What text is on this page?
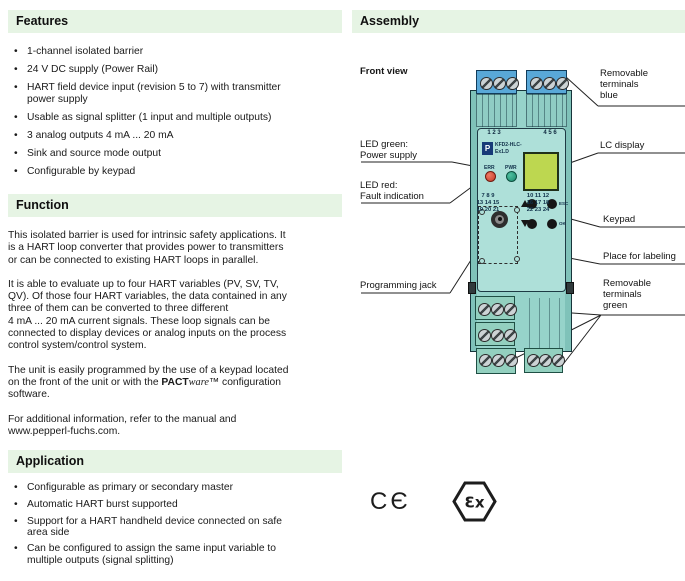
Features
• 1-channel isolated barrier
• 24 V DC supply (Power Rail)
• HART field device input (revision 5 to 7) with transmitter
power supply
• Usable as signal splitter (1 input and multiple outputs)
• 3 analog outputs 4 mA ... 20 mA
• Sink and source mode output
• Configurable by keypad
Function

This isolated barrier is used for intrinsic safety applications. It
is a HART loop converter that provides power to transmitters
or can be connected to existing HART loops in parallel.

It is able to evaluate up to four HART variables (PV, SV, TV,
QV). Of those four HART variables, the data contained in any
three of them can be converted to three different
4 mA ... 20 mA current signals. These loop signals can be
connected to display devices or analog inputs on the process
control system/control system.

The unit is easily programmed by the use of a keypad located
on the front of the unit or with the PACTware™ configuration
software.

For additional information, refer to the manual and
www.pepperl-fuchs.com.

Application
• Configurable as primary or secondary master
• Automatic HART burst supported
• Support for a HART handheld device connected on safe
area side
• Can be configured to assign the same input variable to
multiple outputs (signal splitting)
Assembly
Front view
LED green:
Power supply
LED red:
Fault indication
Programming jack
Removable
terminals
blue
LC display
Keypad
Place for labeling
Removable
terminals
green
1 2 3	4 5 6
P KFD2-HLC-
Ex1.D
ERR PWR
ESC
OK
7 8 9
13 14 15
19 20 21
10 11 12
16 17 18
22 23 24
CЄ	Ɛx
